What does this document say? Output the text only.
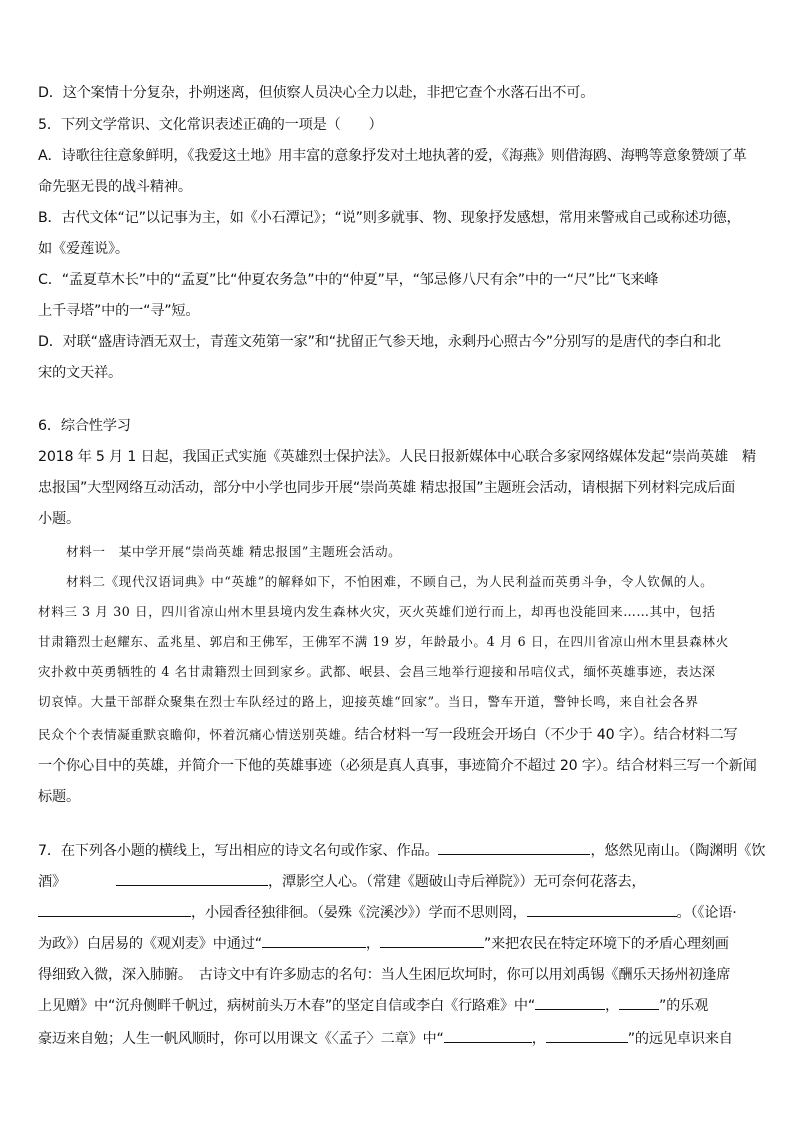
D．这个案情十分复杂，扑朔迷离，但侦察人员决心全力以赴，非把它查个水落石出不可。
5．下列文学常识、文化常识表述正确的一项是（　　）
A．诗歌往往意象鲜明，《我爱这土地》用丰富的意象抒发对土地执著的爱，《海燕》则借海鸥、海鸭等意象赞颂了革
命先驱无畏的战斗精神。
B．古代文体“记”以记事为主，如《小石潭记》；“说”则多就事、物、现象抒发感想，常用来警戒自己或称述功德，
如《爱莲说》。
C．“孟夏草木长”中的“孟夏”比“仲夏农务急”中的“仲夏”早，“邹忌修八尺有余”中的一“尺”比“飞来峰
上千寻塔”中的一“寻”短。
D．对联“盛唐诗酒无双士，青莲文苑第一家”和“扰留正气参天地，永剩丹心照古今”分别写的是唐代的李白和北
宋的文天祥。
6．综合性学习
2018 年 5 月 1 日起，我国正式实施《英雄烈士保护法》。人民日报新媒体中心联合多家网络媒体发起“崇尚英雄　精
忠报国”大型网络互动活动，部分中小学也同步开展“崇尚英雄 精忠报国”主题班会活动，请根据下列材料完成后面
小题。
材料一　某中学开展“崇尚英雄 精忠报国”主题班会活动。
材料二《现代汉语词典》中“英雄”的解释如下，不怕困难，不顾自己，为人民利益而英勇斗争，令人钦佩的人。
材料三 3 月 30 日，四川省凉山州木里县境内发生森林火灾，灭火英雄们逆行而上，却再也没能回来……其中，包括
甘肃籍烈士赵耀东、孟兆星、郭启和王佛军，王佛军不满 19 岁，年龄最小。4 月 6 日，在四川省凉山州木里县森林火
灾扑救中英勇牺牲的 4 名甘肃籍烈士回到家乡。武都、岷县、会昌三地举行迎接和吊唁仪式，缅怀英雄事迹，表达深
切哀悼。大量干部群众聚集在烈士车队经过的路上，迎接英雄“回家”。当日，警车开道，警钟长鸣，来自社会各界
民众个个表情凝重默哀瞻仰，怀着沉痛心情送别英雄。结合材料一写一段班会开场白（不少于 40 字）。结合材料二写
一个你心目中的英雄，并简介一下他的英雄事迹（必须是真人真事，事迹简介不超过 20 字）。结合材料三写一个新闻
标题。
7．在下列各小题的横线上，写出相应的诗文名句或作家、作品。	，悠然见南山。（陶渊明《饮
酒》	，潭影空人心。（常建《题破山寺后禅院》）无可奈何花落去，
，小园香径独徘徊。（晏殊《浣溪沙》）学而不思则罔，	。（《论语·
为政》）白居易的《观刈麦》中通过“	，	”来把农民在特定环境下的矛盾心理刻画
得细致入微，深入肺腑。　古诗文中有许多励志的名句：当人生困厄坎坷时，你可以用刘禹锡《酬乐天扬州初逢席
上见赠》中“沉舟侧畔千帆过，病树前头万木春”的坚定自信或李白《行路难》中“	，	”的乐观
豪迈来自勉；人生一帆风顺时，你可以用课文《〈孟子〉二章》中“	，	”的远见卓识来自
